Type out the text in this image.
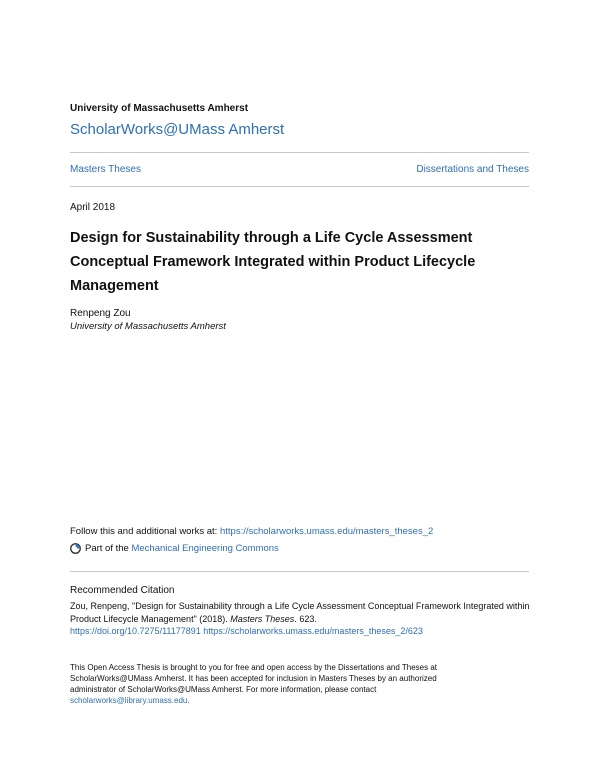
University of Massachusetts Amherst
ScholarWorks@UMass Amherst
Masters Theses	Dissertations and Theses
April 2018
Design for Sustainability through a Life Cycle Assessment Conceptual Framework Integrated within Product Lifecycle Management
Renpeng Zou
University of Massachusetts Amherst
Follow this and additional works at: https://scholarworks.umass.edu/masters_theses_2
Part of the
Mechanical Engineering Commons
Recommended Citation
Zou, Renpeng, "Design for Sustainability through a Life Cycle Assessment Conceptual Framework Integrated within Product Lifecycle Management" (2018). Masters Theses. 623.
https://doi.org/10.7275/11177891 https://scholarworks.umass.edu/masters_theses_2/623
This Open Access Thesis is brought to you for free and open access by the Dissertations and Theses at ScholarWorks@UMass Amherst. It has been accepted for inclusion in Masters Theses by an authorized administrator of ScholarWorks@UMass Amherst. For more information, please contact scholarworks@library.umass.edu.
